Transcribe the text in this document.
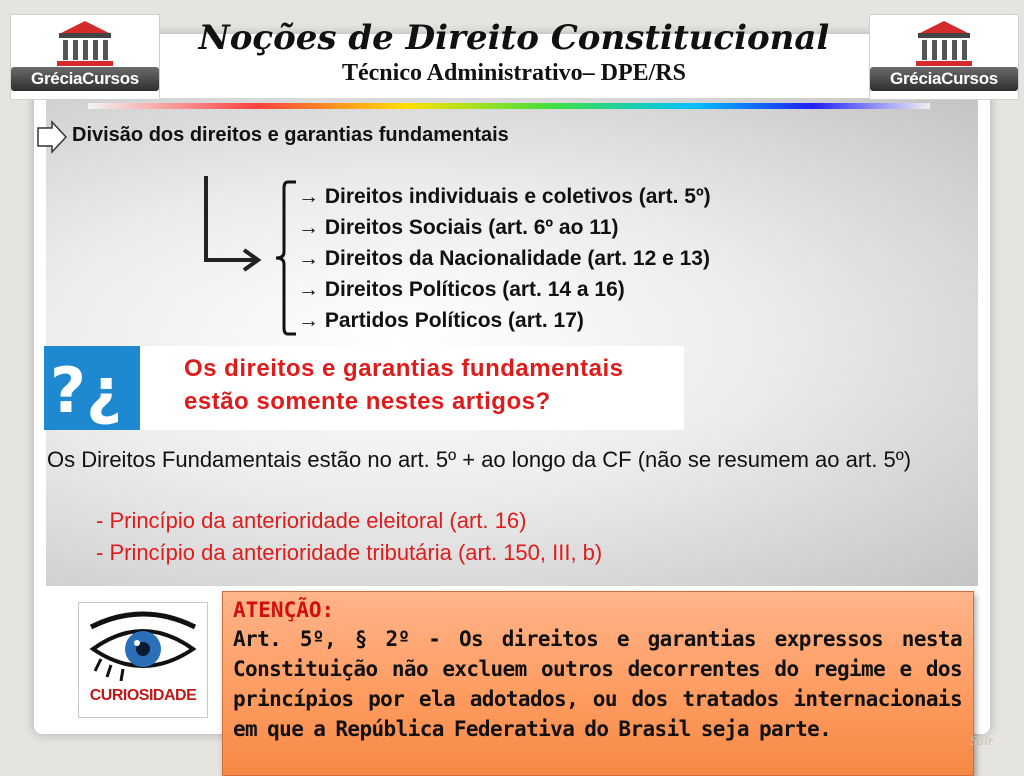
GréciaCursos	GréciaCursos
Noções de Direito Constitucional
Técnico Administrativo– DPE/RS
Divisão dos direitos e garantias fundamentais
→ Direitos individuais e coletivos (art. 5º)
→ Direitos Sociais (art. 6º ao 11)
→ Direitos da Nacionalidade (art. 12 e 13)
→ Direitos Políticos (art. 14 a 16)
→ Partidos Políticos (art. 17)
?¿	Os direitos e garantias fundamentais estão somente nestes artigos?
Os Direitos Fundamentais estão no art. 5º + ao longo da CF (não se resumem ao art. 5º)
- Princípio da anterioridade eleitoral (art. 16)
- Princípio da anterioridade tributária (art. 150, III, b)
CURIOSIDADE
ATENÇÃO:
Art. 5º, § 2º - Os direitos e garantias expressos nesta Constituição não excluem outros decorrentes do regime e dos princípios por ela adotados, ou dos tratados internacionais em que a República Federativa do Brasil seja parte.
Sair
